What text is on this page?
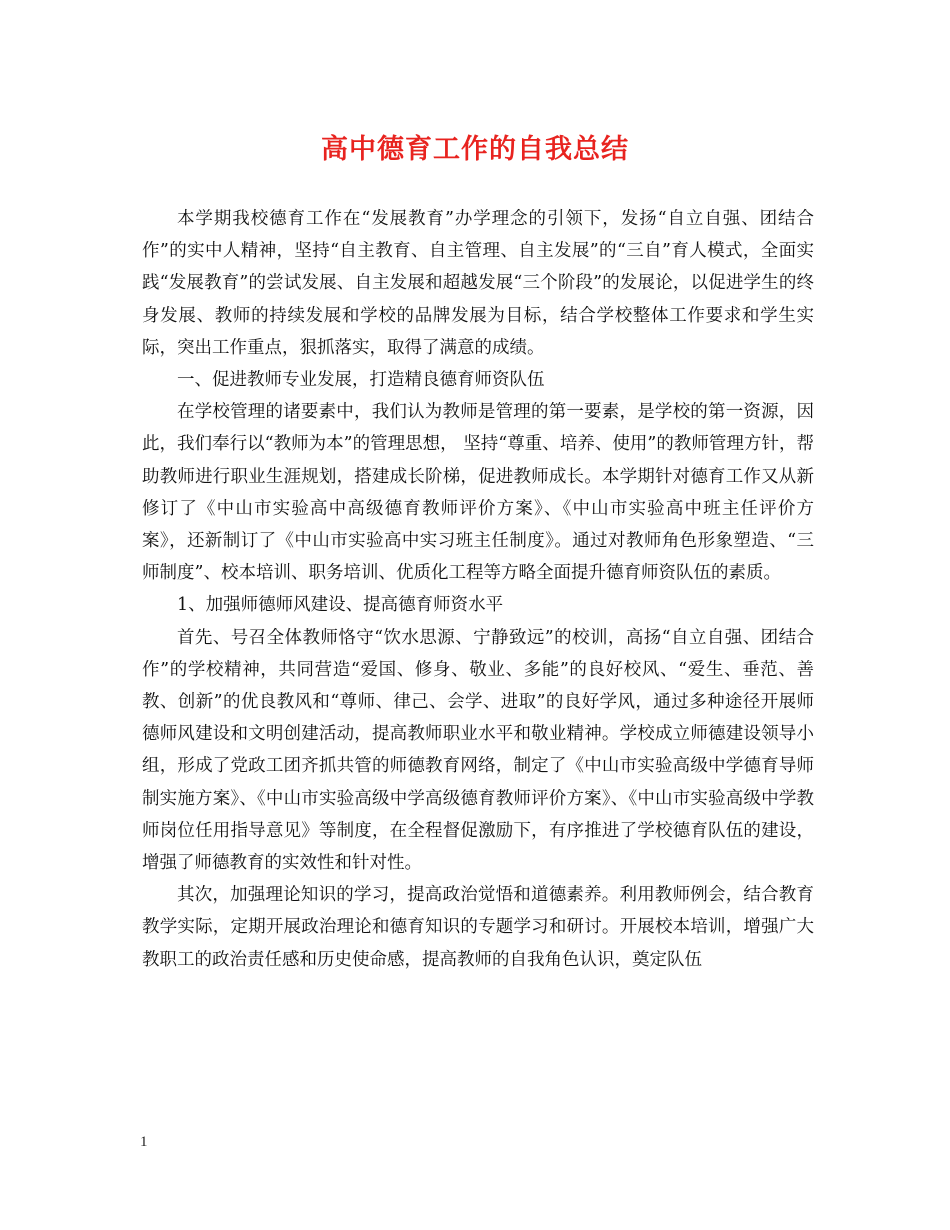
高中德育工作的自我总结

本学期我校德育工作在“发展教育”办学理念的引领下，发扬“自立自强、团结合作”的实中人精神，坚持“自主教育、自主管理、自主发展”的“三自”育人模式，全面实践“发展教育”的尝试发展、自主发展和超越发展“三个阶段”的发展论，以促进学生的终身发展、教师的持续发展和学校的品牌发展为目标，结合学校整体工作要求和学生实际，突出工作重点，狠抓落实，取得了满意的成绩。

一、促进教师专业发展，打造精良德育师资队伍

在学校管理的诸要素中，我们认为教师是管理的第一要素，是学校的第一资源，因此，我们奉行以“教师为本”的管理思想， 坚持“尊重、培养、使用”的教师管理方针，帮助教师进行职业生涯规划，搭建成长阶梯，促进教师成长。本学期针对德育工作又从新修订了《中山市实验高中高级德育教师评价方案》、《中山市实验高中班主任评价方案》，还新制订了《中山市实验高中实习班主任制度》。通过对教师角色形象塑造、“三师制度”、校本培训、职务培训、优质化工程等方略全面提升德育师资队伍的素质。

1、加强师德师风建设、提高德育师资水平

首先、号召全体教师恪守“饮水思源、宁静致远”的校训，高扬“自立自强、团结合作”的学校精神，共同营造“爱国、修身、敬业、多能”的良好校风、“爱生、垂范、善教、创新”的优良教风和“尊师、律己、会学、进取”的良好学风，通过多种途径开展师德师风建设和文明创建活动，提高教师职业水平和敬业精神。学校成立师德建设领导小组，形成了党政工团齐抓共管的师德教育网络，制定了《中山市实验高级中学德育导师制实施方案》、《中山市实验高级中学高级德育教师评价方案》、《中山市实验高级中学教师岗位任用指导意见》等制度，在全程督促激励下，有序推进了学校德育队伍的建设，增强了师德教育的实效性和针对性。

其次，加强理论知识的学习，提高政治觉悟和道德素养。利用教师例会，结合教育教学实际，定期开展政治理论和德育知识的专题学习和研讨。开展校本培训，增强广大教职工的政治责任感和历史使命感，提高教师的自我角色认识，奠定队伍

1
